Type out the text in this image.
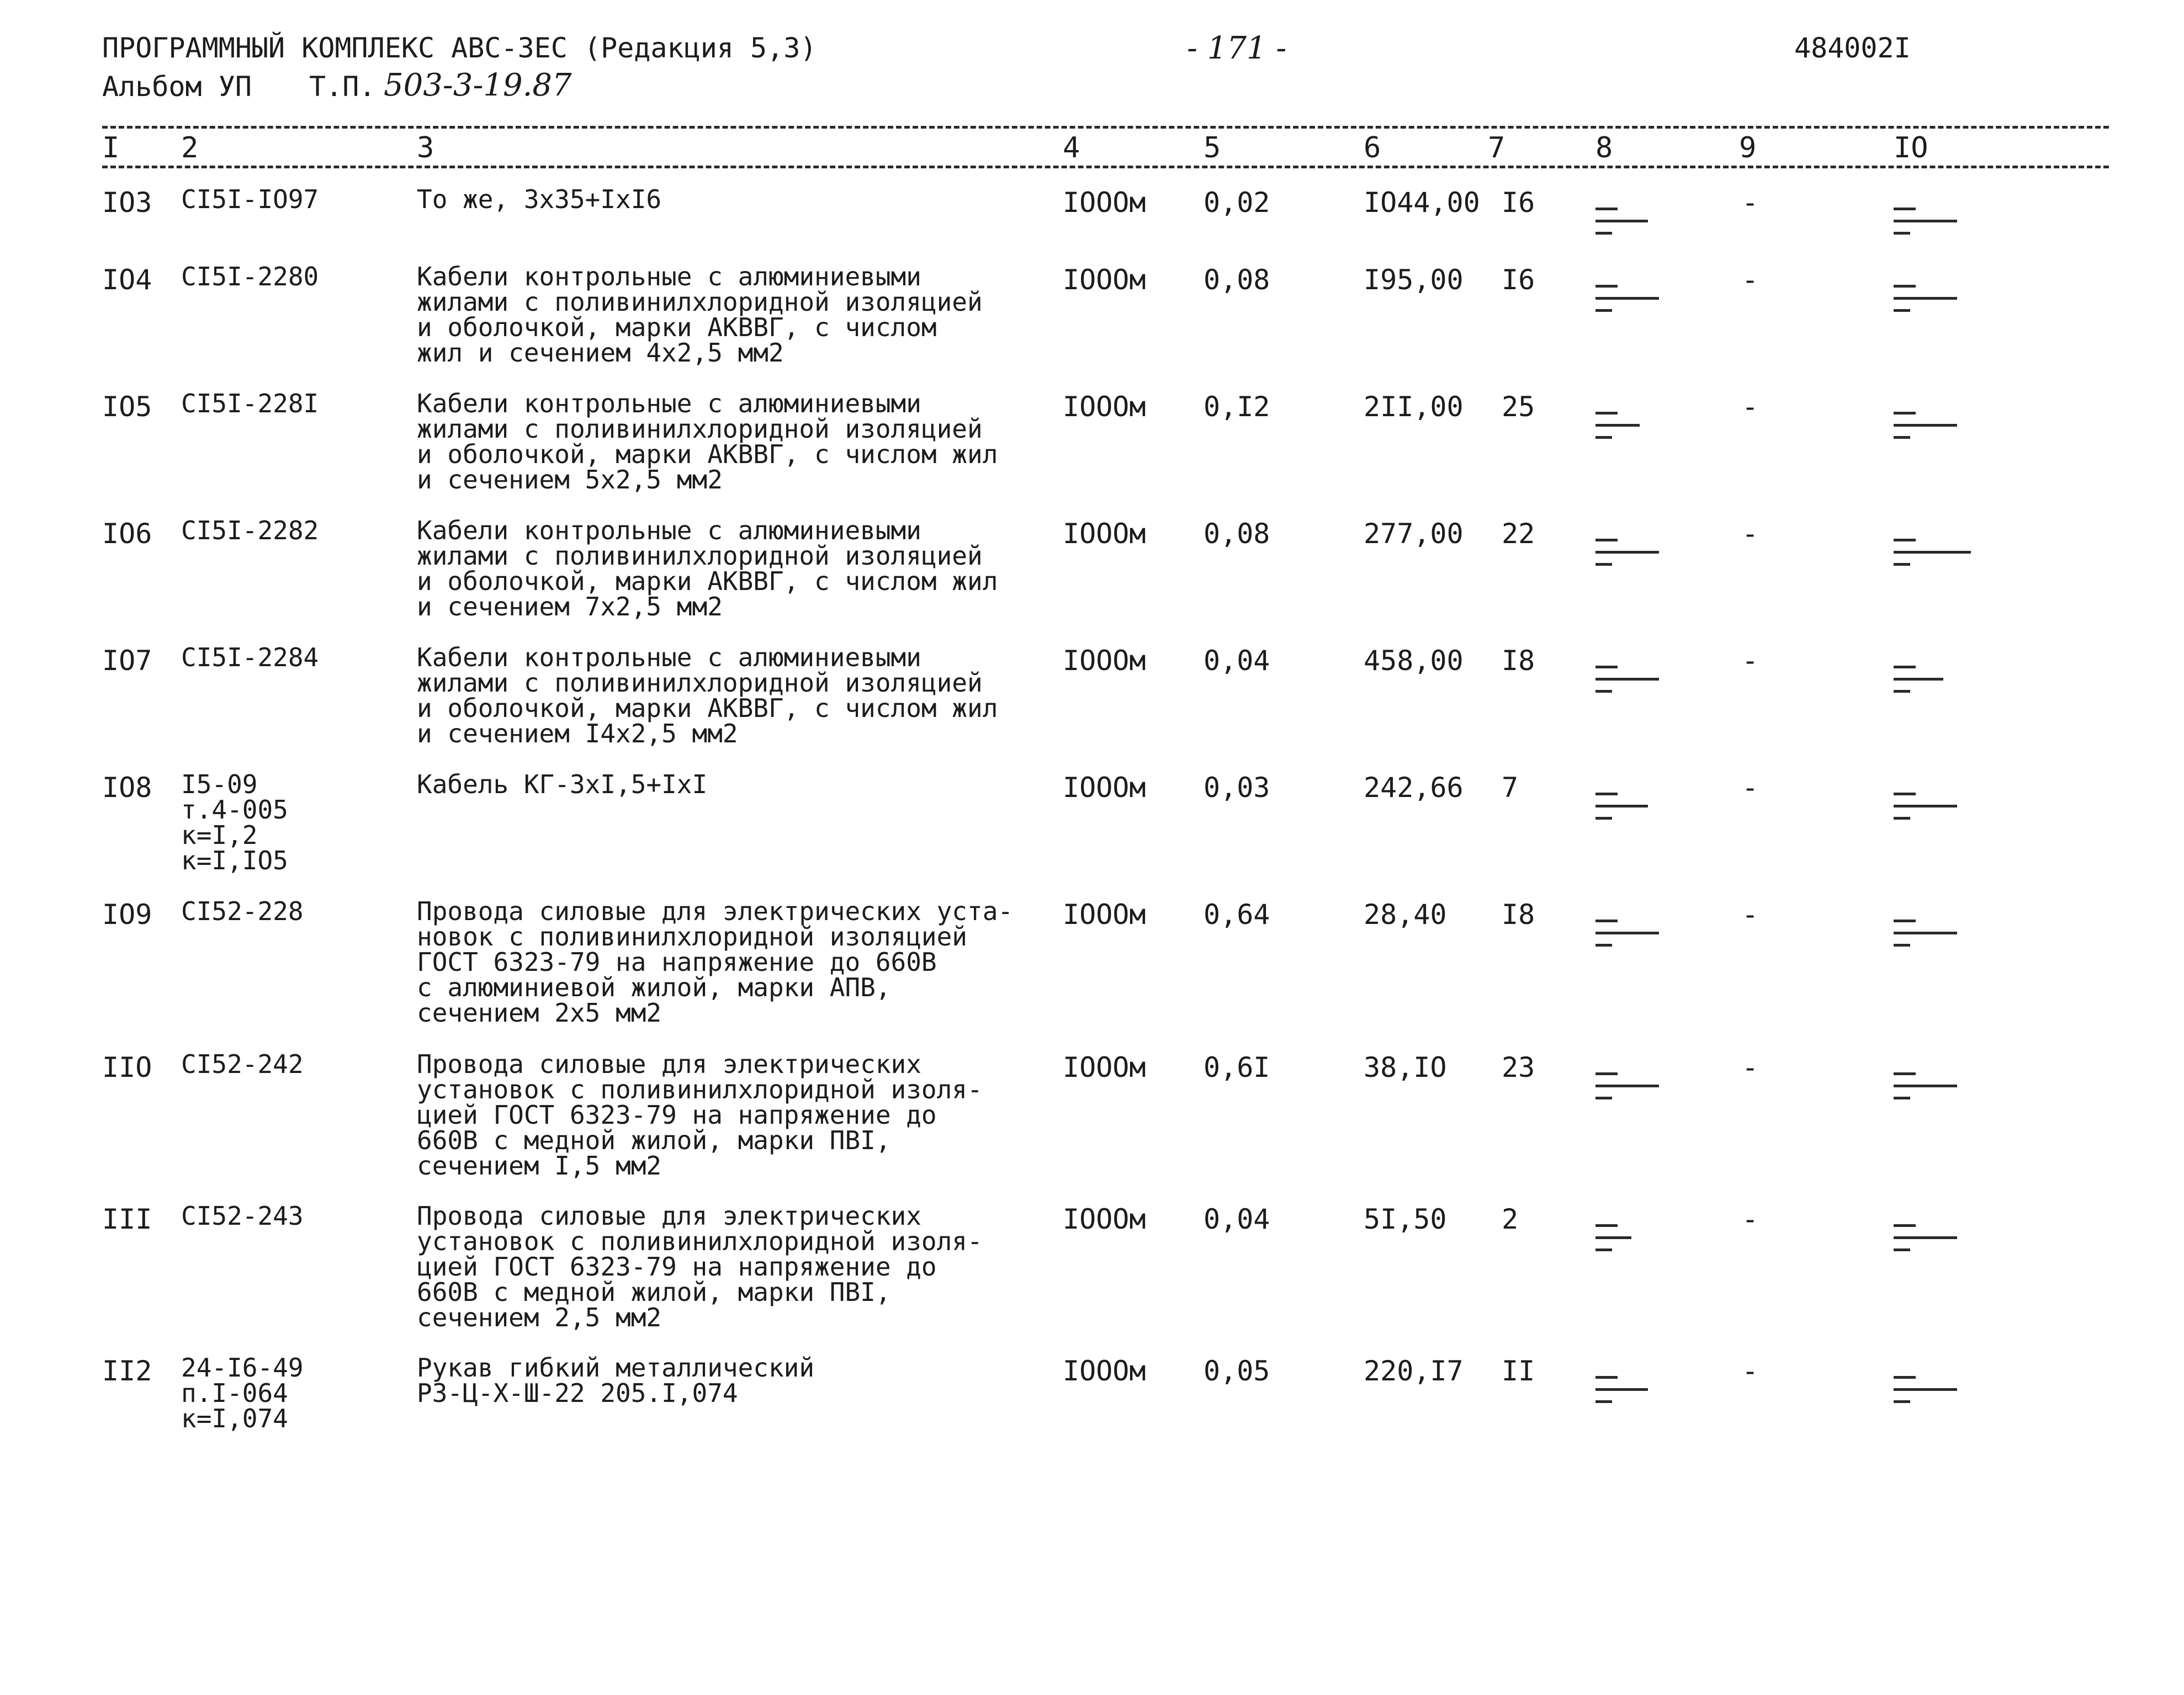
ПРОГРАММНЫЙ КОМПЛЕКС АВС-ЗЕС (Редакция 5,3)	- 171 -	484002I
Альбом УП Т.П. 503-3-19.87
I 2	3	4	5	6	7	8	9	IO
IO3 CI5I-IO97	То же, 3х35+IхI6	IOOOм 0,02	IO44,00 I6	-
IO4 CI5I-2280	Кабели контрольные с алюминиевыми
жилами с поливинилхлоридной изоляцией
и оболочкой, марки АКВВГ, с числом
жил и сечением 4х2,5 мм2
IOOOм 0,08	I95,00 I6	-
IO5 CI5I-228I	Кабели контрольные с алюминиевыми
жилами с поливинилхлоридной изоляцией
и оболочкой, марки АКВВГ, с числом жил
и сечением 5х2,5 мм2
IOOOм 0,I2	2II,00 25	-
IO6 CI5I-2282	Кабели контрольные с алюминиевыми
жилами с поливинилхлоридной изоляцией
и оболочкой, марки АКВВГ, с числом жил
и сечением 7х2,5 мм2
IOOOм 0,08	277,00 22	-
IO7 CI5I-2284	Кабели контрольные с алюминиевыми
жилами с поливинилхлоридной изоляцией
и оболочкой, марки АКВВГ, с числом жил
и сечением I4х2,5 мм2
IOOOм 0,04	458,00 I8	-
IO8 I5-09
т.4-005
к=I,2
к=I,IO5
Кабель КГ-3хI,5+IхI	IOOOм 0,03	242,66 7	-
IO9 CI52-228	Провода силовые для электрических уста-
новок с поливинилхлоридной изоляцией
ГОСТ 6323-79 на напряжение до 660В
с алюминиевой жилой, марки АПВ,
сечением 2х5 мм2
IOOOм 0,64	28,40 I8	-
IIO CI52-242	Провода силовые для электрических
установок с поливинилхлоридной изоля-
цией ГОСТ 6323-79 на напряжение до
660В с медной жилой, марки ПВI,
сечением I,5 мм2
IOOOм 0,6I	38,IO 23	-
III CI52-243	Провода силовые для электрических
установок с поливинилхлоридной изоля-
цией ГОСТ 6323-79 на напряжение до
660В с медной жилой, марки ПВI,
сечением 2,5 мм2
IOOOм 0,04	5I,50 2	-
II2 24-I6-49
п.I-064
к=I,074
Рукав гибкий металлический
РЗ-Ц-Х-Ш-22 205.I,074
IOOOм 0,05	220,I7 II	-
